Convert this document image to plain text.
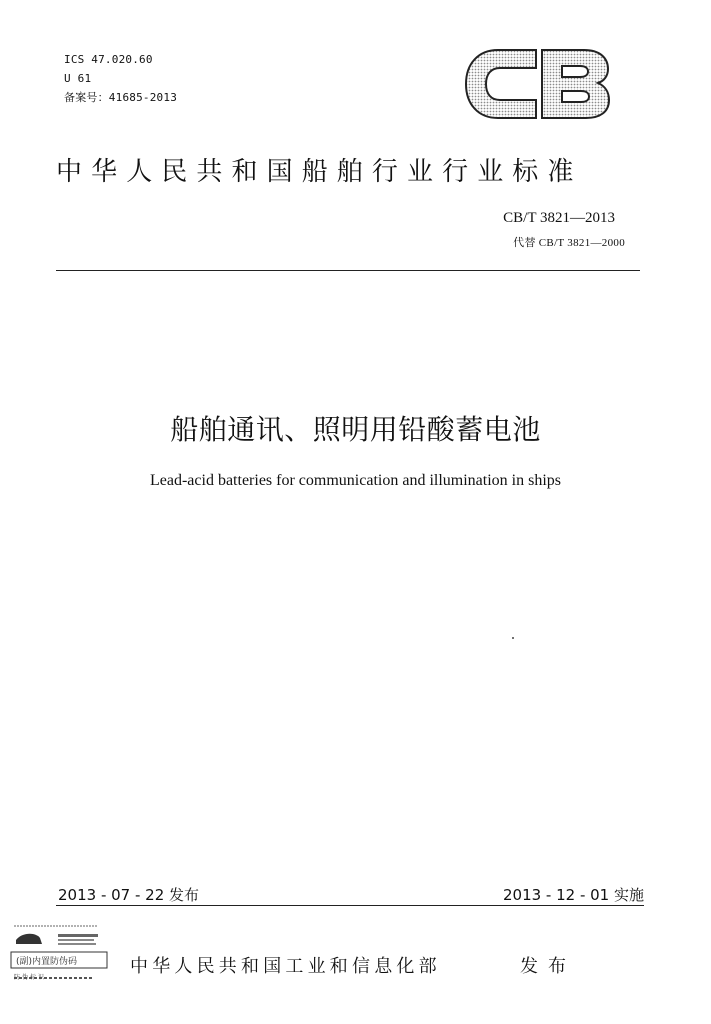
ICS 47.020.60
U 61
备案号：41685-2013
CB
中华人民共和国船舶行业行业标准
CB/T 3821—2013
代替 CB/T 3821—2000
船舶通讯、照明用铅酸蓄电池
Lead-acid batteries for communication and illumination in ships
2013 - 07 - 22 发布	2013 - 12 - 01 实施
(副)内置防伪码
防伪标识
中华人民共和国工业和信息化部	发布
